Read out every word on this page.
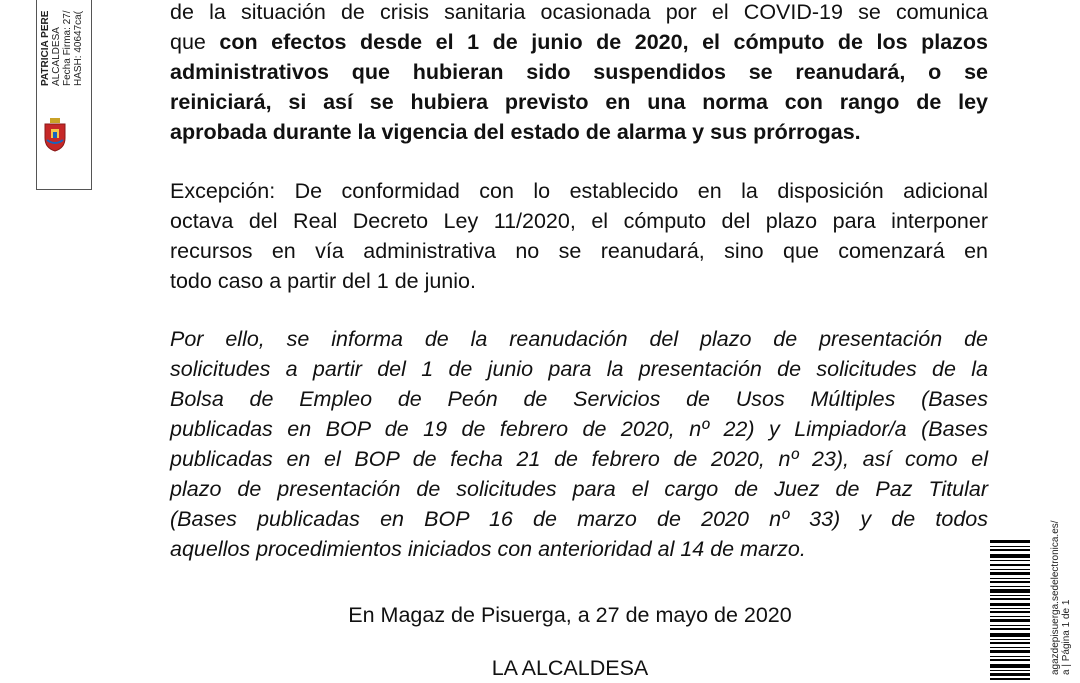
PATRICIA PERE ALCALDESA Fecha Firma: 27/ HASH: 40647ca(	de la situación de crisis sanitaria ocasionada por el COVID-19 se comunica
que con efectos desde el 1 de junio de 2020, el cómputo de los plazos
administrativos que hubieran sido suspendidos se reanudará, o se
reiniciará, si así se hubiera previsto en una norma con rango de ley
aprobada durante la vigencia del estado de alarma y sus prórrogas.
Excepción: De conformidad con lo establecido en la disposición adicional
octava del Real Decreto Ley 11/2020, el cómputo del plazo para interponer
recursos en vía administrativa no se reanudará, sino que comenzará en
todo caso a partir del 1 de junio.
Por ello, se informa de la reanudación del plazo de presentación de
solicitudes a partir del 1 de junio para la presentación de solicitudes de la
Bolsa de Empleo de Peón de Servicios de Usos Múltiples (Bases
publicadas en BOP de 19 de febrero de 2020, nº 22) y Limpiador/a (Bases
publicadas en el BOP de fecha 21 de febrero de 2020, nº 23), así como el
plazo de presentación de solicitudes para el cargo de Juez de Paz Titular
(Bases publicadas en BOP 16 de marzo de 2020 nº 33) y de todos
aquellos procedimientos iniciados con anterioridad al 14 de marzo.
En Magaz de Pisuerga, a 27 de mayo de 2020
LA ALCALDESA	agazdepisuerga.sedelectronica.es/ a | Página 1 de 1
